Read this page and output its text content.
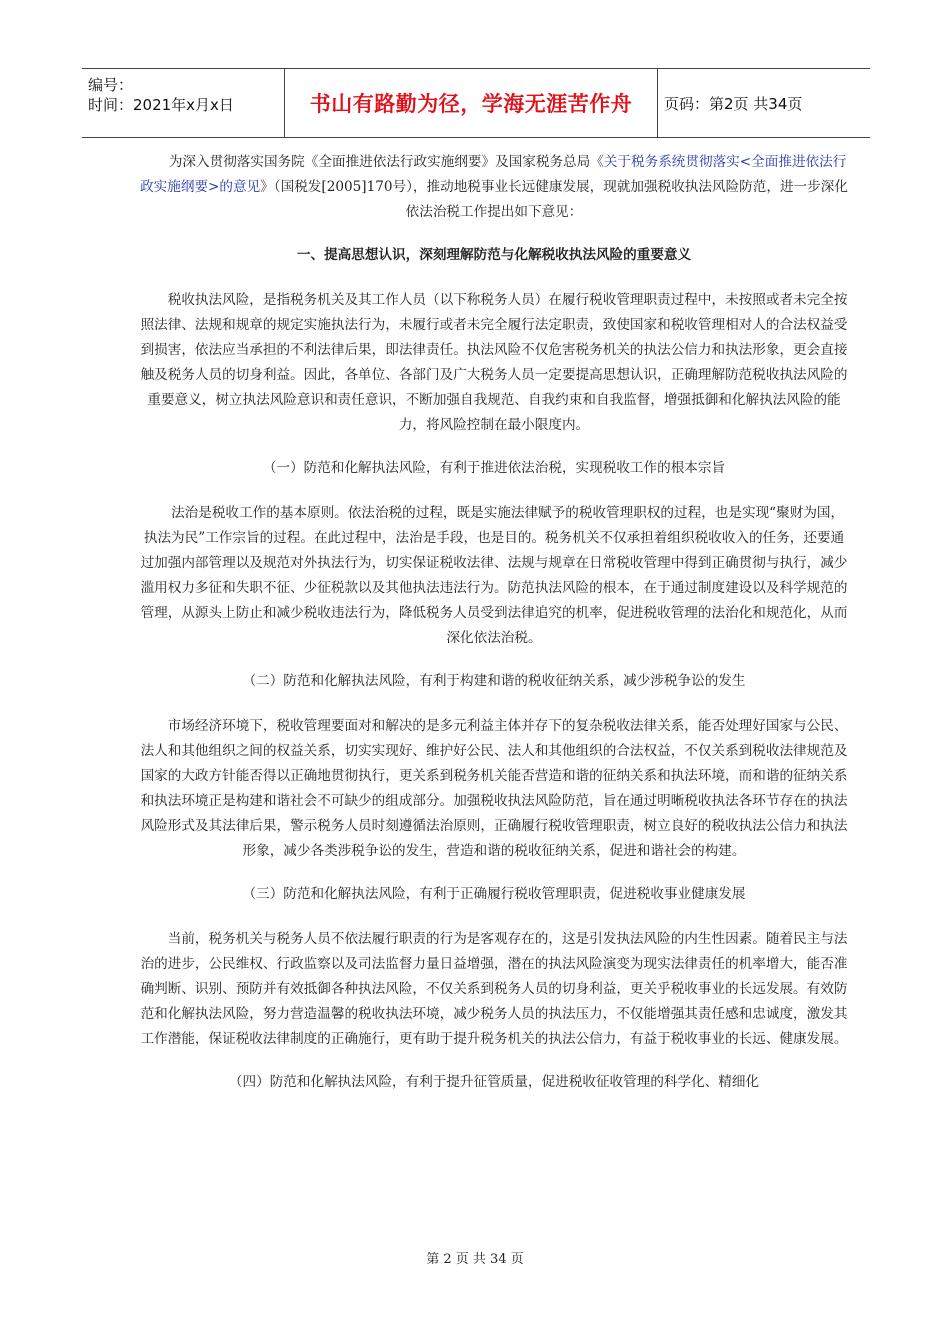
编号：
时间：2021年x月x日	书山有路勤为径，学海无涯苦作舟 页码：第2页 共34页

为深入贯彻落实国务院《全面推进依法行政实施纲要》及国家税务总局《关于税务系统贯彻落实<全面推进依法行政实施纲要>的意见》（国税发[2005]170号），推动地税事业长远健康发展，现就加强税收执法风险防范，进一步深化依法治税工作提出如下意见：

一、提高思想认识，深刻理解防范与化解税收执法风险的重要意义

税收执法风险，是指税务机关及其工作人员（以下称税务人员）在履行税收管理职责过程中，未按照或者未完全按照法律、法规和规章的规定实施执法行为，未履行或者未完全履行法定职责，致使国家和税收管理相对人的合法权益受到损害，依法应当承担的不利法律后果，即法律责任。执法风险不仅危害税务机关的执法公信力和执法形象，更会直接触及税务人员的切身利益。因此，各单位、各部门及广大税务人员一定要提高思想认识，正确理解防范税收执法风险的重要意义，树立执法风险意识和责任意识，不断加强自我规范、自我约束和自我监督，增强抵御和化解执法风险的能力，将风险控制在最小限度内。

（一）防范和化解执法风险，有利于推进依法治税，实现税收工作的根本宗旨

法治是税收工作的基本原则。依法治税的过程，既是实施法律赋予的税收管理职权的过程，也是实现“聚财为国，执法为民”工作宗旨的过程。在此过程中，法治是手段，也是目的。税务机关不仅承担着组织税收收入的任务，还要通过加强内部管理以及规范对外执法行为，切实保证税收法律、法规与规章在日常税收管理中得到正确贯彻与执行，减少滥用权力多征和失职不征、少征税款以及其他执法违法行为。防范执法风险的根本，在于通过制度建设以及科学规范的管理，从源头上防止和减少税收违法行为，降低税务人员受到法律追究的机率，促进税收管理的法治化和规范化，从而深化依法治税。

（二）防范和化解执法风险，有利于构建和谐的税收征纳关系，减少涉税争讼的发生

市场经济环境下，税收管理要面对和解决的是多元利益主体并存下的复杂税收法律关系，能否处理好国家与公民、法人和其他组织之间的权益关系，切实实现好、维护好公民、法人和其他组织的合法权益，不仅关系到税收法律规范及国家的大政方针能否得以正确地贯彻执行，更关系到税务机关能否营造和谐的征纳关系和执法环境，而和谐的征纳关系和执法环境正是构建和谐社会不可缺少的组成部分。加强税收执法风险防范，旨在通过明晰税收执法各环节存在的执法风险形式及其法律后果，警示税务人员时刻遵循法治原则，正确履行税收管理职责，树立良好的税收执法公信力和执法形象，减少各类涉税争讼的发生，营造和谐的税收征纳关系，促进和谐社会的构建。

（三）防范和化解执法风险，有利于正确履行税收管理职责，促进税收事业健康发展

当前，税务机关与税务人员不依法履行职责的行为是客观存在的，这是引发执法风险的内生性因素。随着民主与法治的进步，公民维权、行政监察以及司法监督力量日益增强，潜在的执法风险演变为现实法律责任的机率增大，能否准确判断、识别、预防并有效抵御各种执法风险，不仅关系到税务人员的切身利益，更关乎税收事业的长远发展。有效防范和化解执法风险，努力营造温馨的税收执法环境，减少税务人员的执法压力，不仅能增强其责任感和忠诚度，激发其工作潜能，保证税收法律制度的正确施行，更有助于提升税务机关的执法公信力，有益于税收事业的长远、健康发展。

（四）防范和化解执法风险，有利于提升征管质量，促进税收征收管理的科学化、精细化

第 2 页 共 34 页
